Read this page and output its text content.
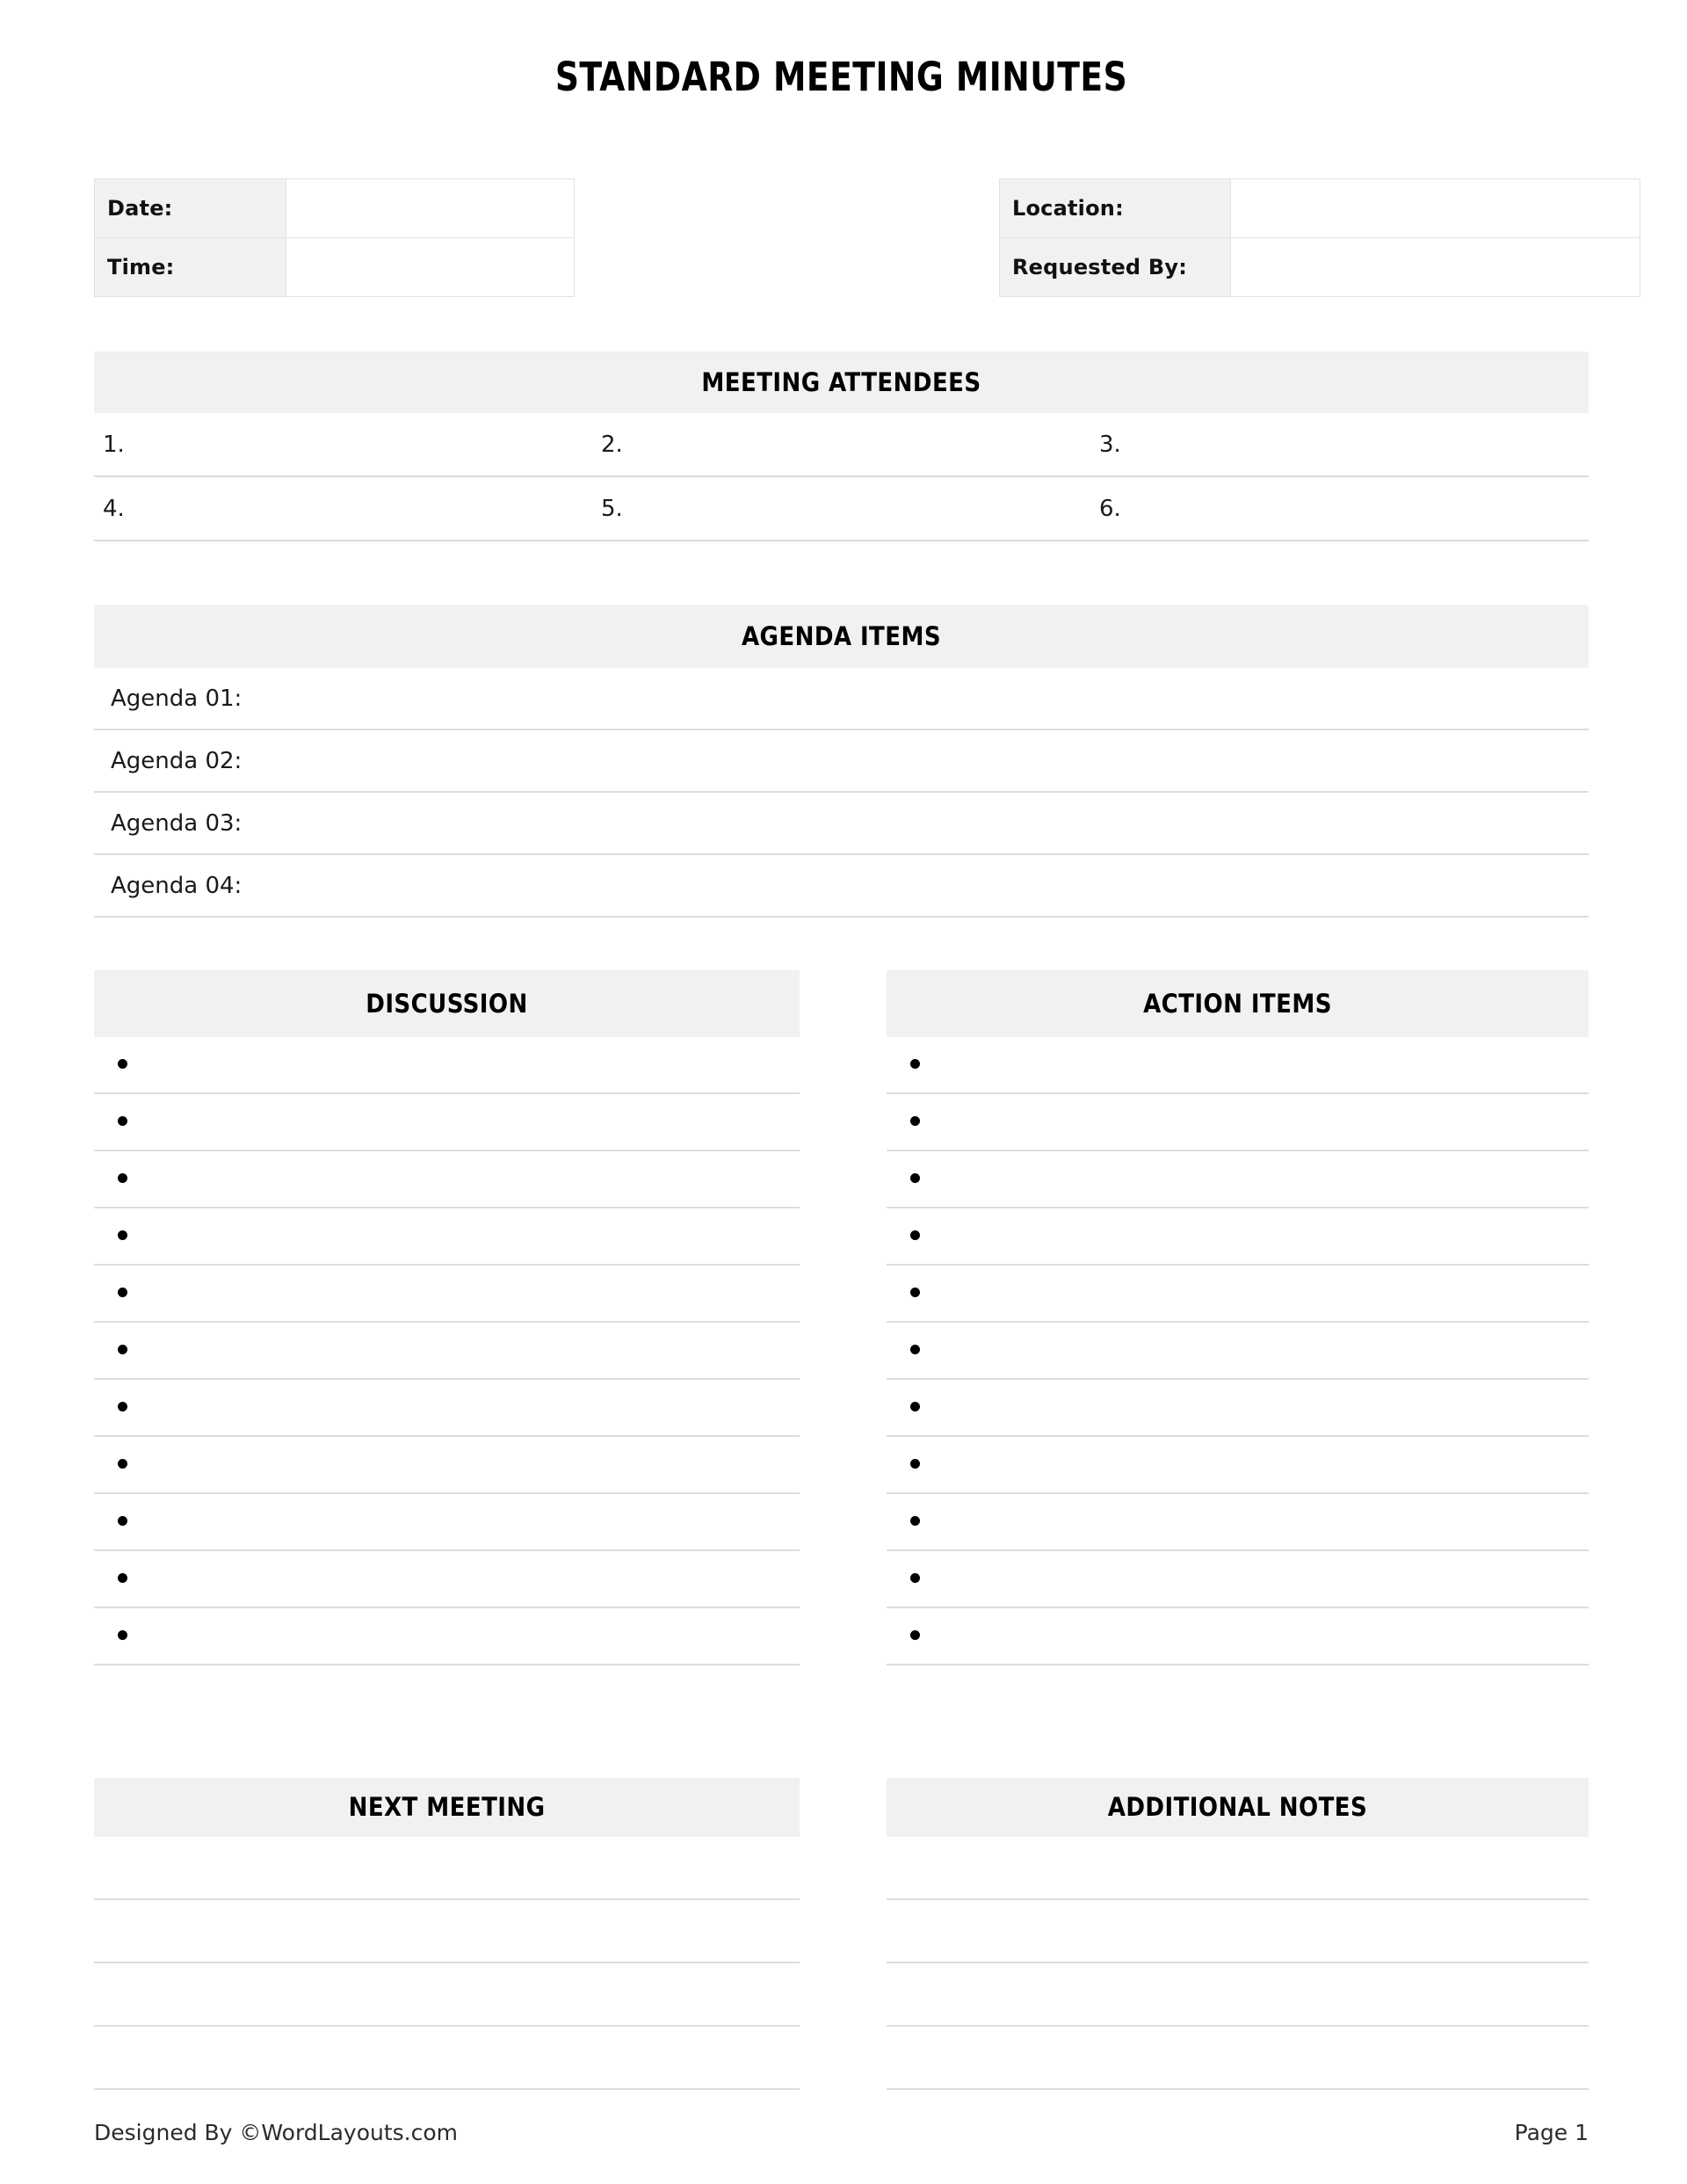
STANDARD MEETING MINUTES
Date:	
Time:	
Location:	
Requested By:	
MEETING ATTENDEES
1.	2.	3.
4.	5.	6.
AGENDA ITEMS
Agenda 01:
Agenda 02:
Agenda 03:
Agenda 04:
DISCUSSION	ACTION ITEMS
NEXT MEETING	ADDITIONAL NOTES
Designed By ©WordLayouts.com	Page 1
